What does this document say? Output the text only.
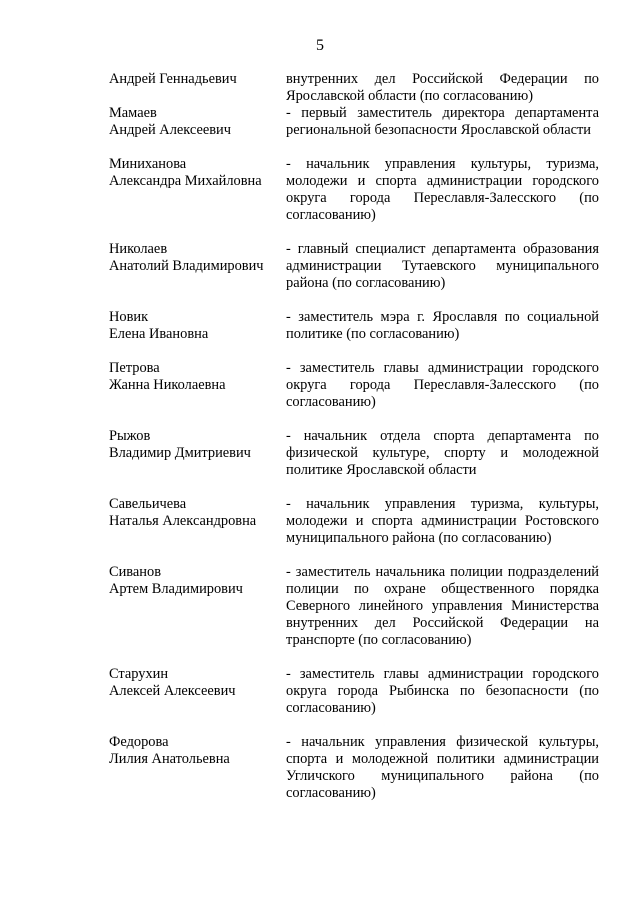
5
Андрей Геннадьевич	внутренних дел Российской Федерации по Ярославской области (по согласованию)
Мамаев
Андрей Алексеевич
- первый заместитель директора департамента региональной безопасности Ярославской области
Миниханова
Александра Михайловна
- начальник управления культуры, туризма, молодежи и спорта администрации городского округа города Переславля-Залесского (по согласованию)
Николаев
Анатолий Владимирович
- главный специалист департамента образования администрации Тутаевского муниципального района (по согласованию)
Новик
Елена Ивановна
- заместитель мэра г. Ярославля по социальной политике (по согласованию)
Петрова
Жанна Николаевна
- заместитель главы администрации городского округа города Переславля-Залесского (по согласованию)
Рыжов
Владимир Дмитриевич
- начальник отдела спорта департамента по физической культуре, спорту и молодежной политике Ярославской области
Савельичева
Наталья Александровна
- начальник управления туризма, культуры, молодежи и спорта администрации Ростовского муниципального района (по согласованию)
Сиванов
Артем Владимирович
- заместитель начальника полиции подразделений полиции по охране общественного порядка Северного линейного управления Министерства внутренних дел Российской Федерации на транспорте (по согласованию)
Старухин
Алексей Алексеевич
- заместитель главы администрации городского округа города Рыбинска по безопасности (по согласованию)
Федорова
Лилия Анатольевна
- начальник управления физической культуры, спорта и молодежной политики администрации Угличского муниципального района (по согласованию)
